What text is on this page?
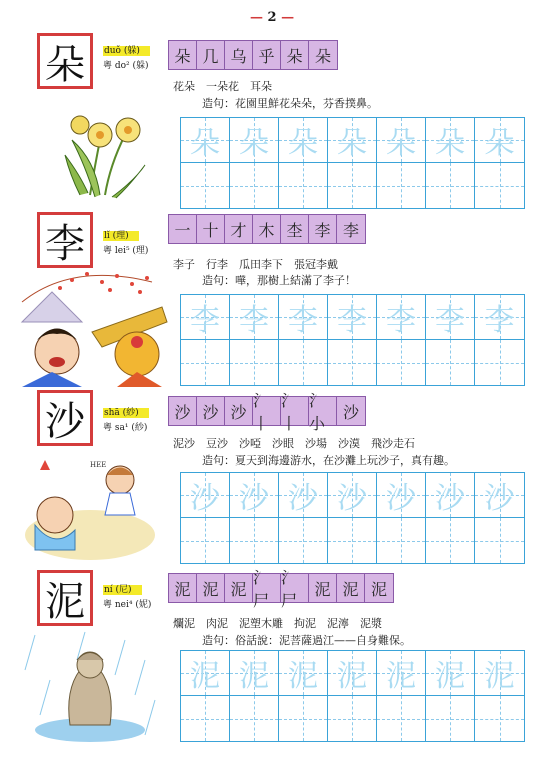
— 2 —
朵	duǒ (躲)
粵 do² (躲)
朵 几 乌 乎 朵 朵
花朵　一朵花　耳朵
造句：花園里鮮花朵朵，芬香撲鼻。
朵 朵 朵 朵 朵 朵 朵
李	lǐ (理)
粵 lei⁵ (理)
一 十 才 木 杢 李 李
李子　行李　瓜田李下　張冠李戴
造句：嘩，那樹上結滿了李子！
李 李 李 李 李 李 李
沙	shā (紗)
粵 sa¹ (紗)
沙 沙 沙
氵丨
氵丨
氵小
沙
泥沙　豆沙　沙啞　沙眼　沙場　沙漠　飛沙走石
造句：夏天到海邊游水，在沙灘上玩沙子，真有趣。
HEE
沙 沙 沙 沙 沙 沙 沙
泥	ní (尼)
粵 nei⁴ (妮)
泥 泥 泥
氵尸
氵尸
泥 泥 泥
爛泥　肉泥　泥塑木雕　拘泥　泥濘　泥漿
造句：俗話說：泥菩薩過江——自身難保。
泥 泥 泥 泥 泥 泥 泥
